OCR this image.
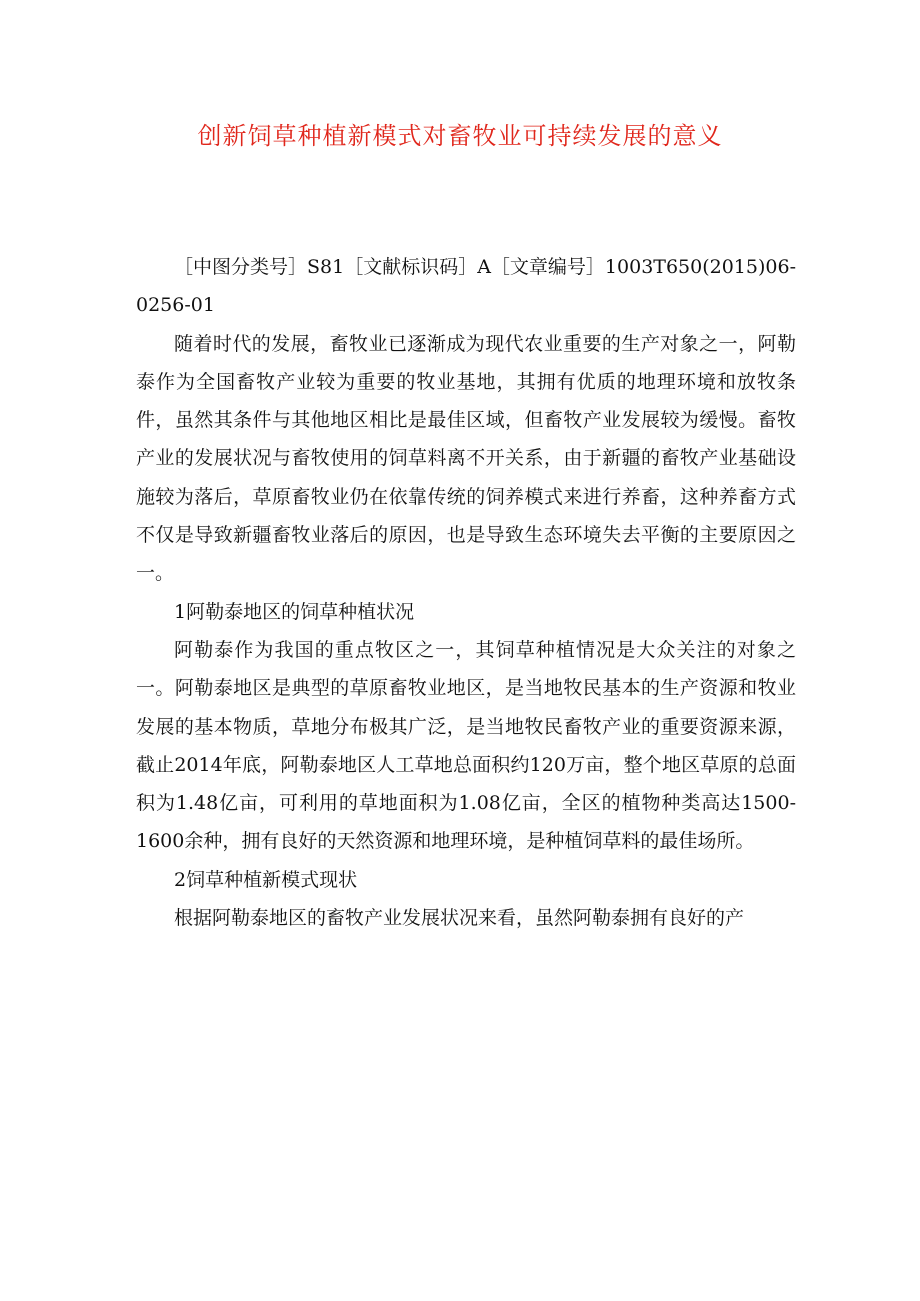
创新饲草种植新模式对畜牧业可持续发展的意义

［中图分类号］S81［文献标识码］A［文章编号］1003T650(2015)06-0256-01

随着时代的发展，畜牧业已逐渐成为现代农业重要的生产对象之一，阿勒泰作为全国畜牧产业较为重要的牧业基地，其拥有优质的地理环境和放牧条件，虽然其条件与其他地区相比是最佳区域，但畜牧产业发展较为缓慢。畜牧产业的发展状况与畜牧使用的饲草料离不开关系，由于新疆的畜牧产业基础设施较为落后，草原畜牧业仍在依靠传统的饲养模式来进行养畜，这种养畜方式不仅是导致新疆畜牧业落后的原因，也是导致生态环境失去平衡的主要原因之一。

1阿勒泰地区的饲草种植状况

阿勒泰作为我国的重点牧区之一，其饲草种植情况是大众关注的对象之一。阿勒泰地区是典型的草原畜牧业地区，是当地牧民基本的生产资源和牧业发展的基本物质，草地分布极其广泛，是当地牧民畜牧产业的重要资源来源，截止2014年底，阿勒泰地区人工草地总面积约120万亩，整个地区草原的总面积为1.48亿亩，可利用的草地面积为1.08亿亩，全区的植物种类高达1500-1600余种，拥有良好的天然资源和地理环境，是种植饲草料的最佳场所。

2饲草种植新模式现状

根据阿勒泰地区的畜牧产业发展状况来看，虽然阿勒泰拥有良好的产
